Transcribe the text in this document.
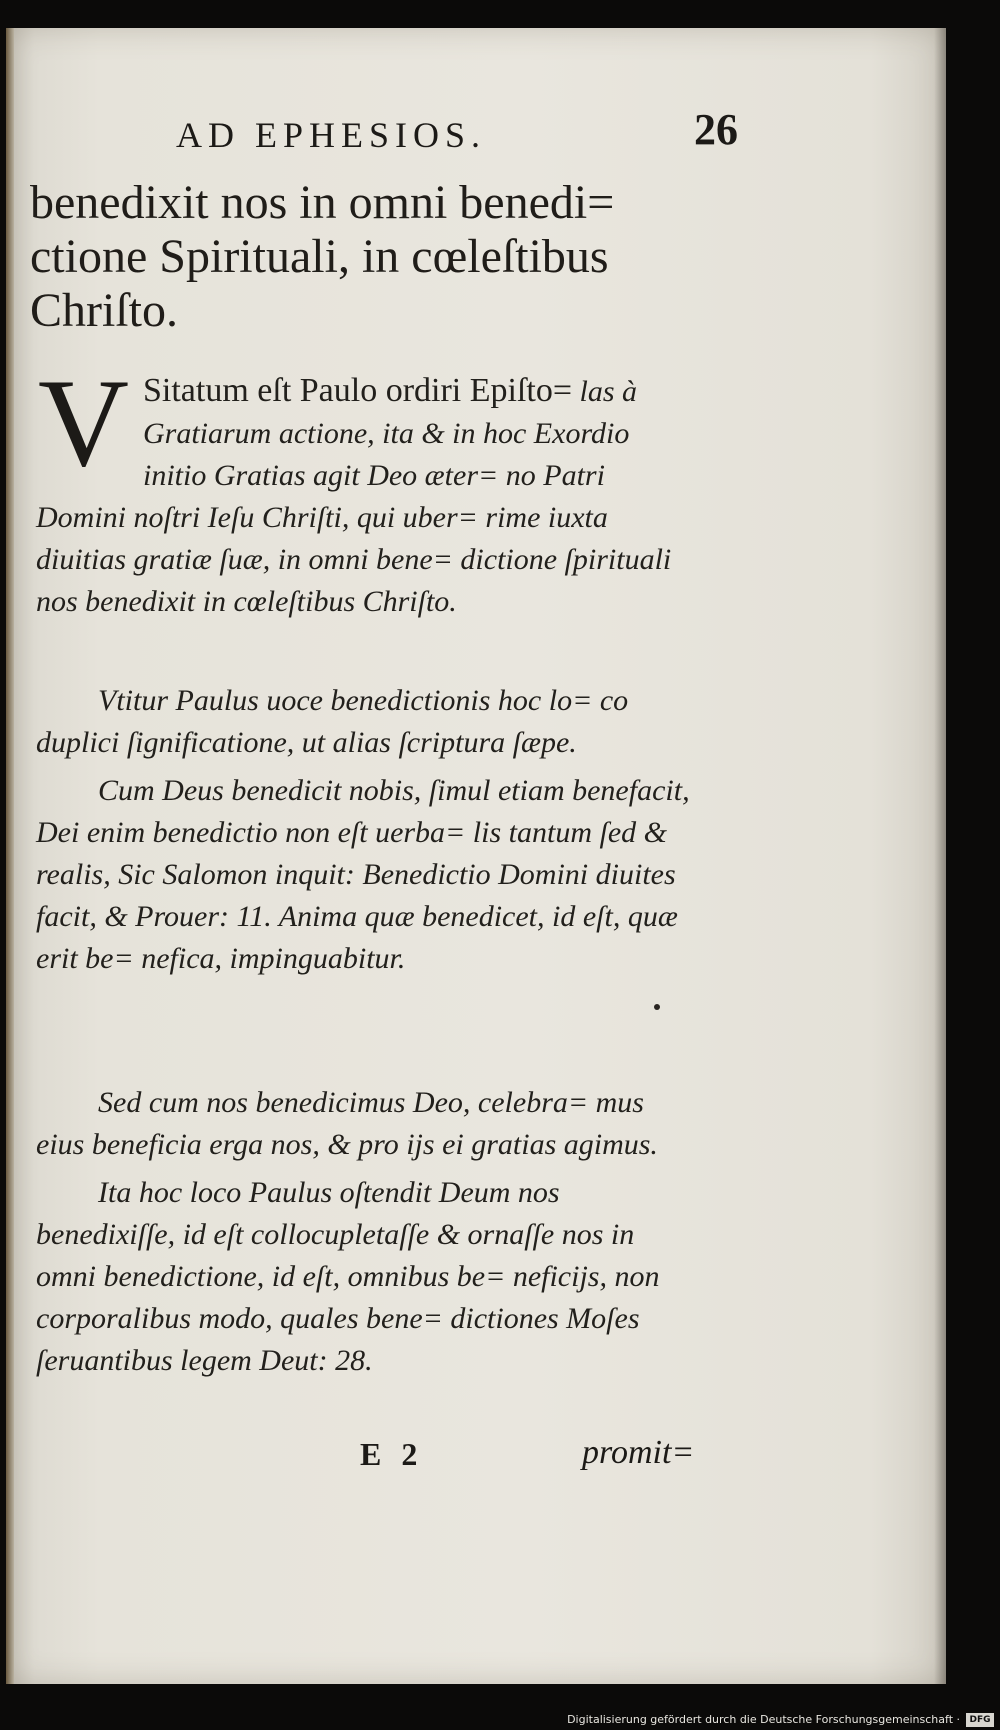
AD EPHESIOS.	26
benedixit nos in omni benedi= ctione Spirituali, in cœleſtibus Chriſto.
V Sitatum eſt Paulo ordiri Epiſto= las à Gratiarum actione, ita & in hoc Exordio initio Gratias agit Deo æter= no Patri Domini noſtri Ieſu Chriſti, qui uber= rime iuxta diuitias gratiæ ſuæ, in omni bene= dictione ſpirituali nos benedixit in cœleſtibus Chriſto.

Vtitur Paulus uoce benedictionis hoc lo= co duplici ſignificatione, ut alias ſcriptura ſæpe.

Cum Deus benedicit nobis, ſimul etiam benefacit, Dei enim benedictio non eſt uerba= lis tantum ſed & realis, Sic Salomon inquit: Benedictio Domini diuites facit, & Prouer: 11. Anima quæ benedicet, id eſt, quæ erit be= nefica, impinguabitur.

Sed cum nos benedicimus Deo, celebra= mus eius beneficia erga nos, & pro ijs ei gratias agimus.

Ita hoc loco Paulus oſtendit Deum nos benedixiſſe, id eſt collocupletaſſe & ornaſſe nos in omni benedictione, id eſt, omnibus be= neficijs, non corporalibus modo, quales bene= dictiones Moſes ſeruantibus legem Deut: 28.

E 2	promit=
Digitalisierung gefördert durch die Deutsche Forschungsgemeinschaft ·	DFG
